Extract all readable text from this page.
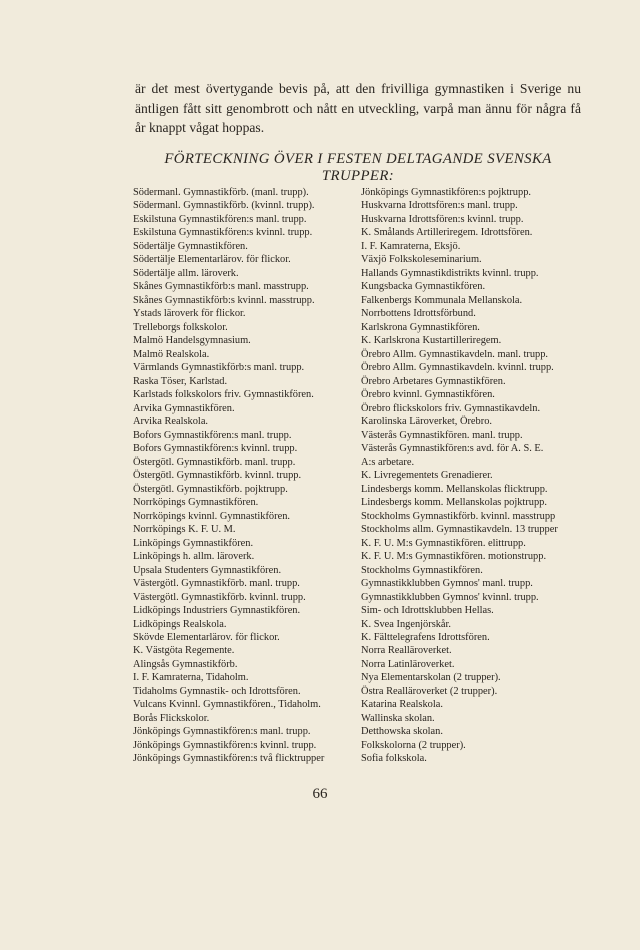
är det mest övertygande bevis på, att den frivilliga gymnastiken i Sverige nu äntligen fått sitt genombrott och nått en utveckling, varpå man ännu för några få år knappt vågat hoppas.

FÖRTECKNING ÖVER I FESTEN DELTAGANDE SVENSKA TRUPPER:
Södermanl. Gymnastikförb. (manl. trupp).
Södermanl. Gymnastikförb. (kvinnl. trupp).
Eskilstuna Gymnastikfören:s manl. trupp.
Eskilstuna Gymnastikfören:s kvinnl. trupp.
Södertälje Gymnastikfören.
Södertälje Elementarlärov. för flickor.
Södertälje allm. läroverk.
Skånes Gymnastikförb:s manl. masstrupp.
Skånes Gymnastikförb:s kvinnl. masstrupp.
Ystads läroverk för flickor.
Trelleborgs folkskolor.
Malmö Handelsgymnasium.
Malmö Realskola.
Värmlands Gymnastikförb:s manl. trupp.
Raska Töser, Karlstad.
Karlstads folkskolors friv. Gymnastikfören.
Arvika Gymnastikfören.
Arvika Realskola.
Bofors Gymnastikfören:s manl. trupp.
Bofors Gymnastikfören:s kvinnl. trupp.
Östergötl. Gymnastikförb. manl. trupp.
Östergötl. Gymnastikförb. kvinnl. trupp.
Östergötl. Gymnastikförb. pojktrupp.
Norrköpings Gymnastikfören.
Norrköpings kvinnl. Gymnastikfören.
Norrköpings K. F. U. M.
Linköpings Gymnastikfören.
Linköpings h. allm. läroverk.
Upsala Studenters Gymnastikfören.
Västergötl. Gymnastikförb. manl. trupp.
Västergötl. Gymnastikförb. kvinnl. trupp.
Lidköpings Industriers Gymnastikfören.
Lidköpings Realskola.
Skövde Elementarlärov. för flickor.
K. Västgöta Regemente.
Alingsås Gymnastikförb.
I. F. Kamraterna, Tidaholm.
Tidaholms Gymnastik- och Idrottsfören.
Vulcans Kvinnl. Gymnastikfören., Tidaholm.
Borås Flickskolor.
Jönköpings Gymnastikfören:s manl. trupp.
Jönköpings Gymnastikfören:s kvinnl. trupp.
Jönköpings Gymnastikfören:s två flicktrupper
Jönköpings Gymnastikfören:s pojktrupp.
Huskvarna Idrottsfören:s manl. trupp.
Huskvarna Idrottsfören:s kvinnl. trupp.
K. Smålands Artilleriregem. Idrottsfören.
I. F. Kamraterna, Eksjö.
Växjö Folkskoleseminarium.
Hallands Gymnastikdistrikts kvinnl. trupp.
Kungsbacka Gymnastikfören.
Falkenbergs Kommunala Mellanskola.
Norrbottens Idrottsförbund.
Karlskrona Gymnastikfören.
K. Karlskrona Kustartilleriregem.
Örebro Allm. Gymnastikavdeln. manl. trupp.
Örebro Allm. Gymnastikavdeln. kvinnl. trupp.
Örebro Arbetares Gymnastikfören.
Örebro kvinnl. Gymnastikfören.
Örebro flickskolors friv. Gymnastikavdeln.
Karolinska Läroverket, Örebro.
Västerås Gymnastikfören. manl. trupp.
Västerås Gymnastikfören:s avd. för A. S. E.
A:s arbetare.
K. Livregementets Grenadierer.
Lindesbergs komm. Mellanskolas flicktrupp.
Lindesbergs komm. Mellanskolas pojktrupp.
Stockholms Gymnastikförb. kvinnl. masstrupp
Stockholms allm. Gymnastikavdeln. 13 trupper
K. F. U. M:s Gymnastikfören. elittrupp.
K. F. U. M:s Gymnastikfören. motionstrupp.
Stockholms Gymnastikfören.
Gymnastikklubben Gymnos' manl. trupp.
Gymnastikklubben Gymnos' kvinnl. trupp.
Sim- och Idrottsklubben Hellas.
K. Svea Ingenjörskår.
K. Fälttelegrafens Idrottsfören.
Norra Realläroverket.
Norra Latinläroverket.
Nya Elementarskolan (2 trupper).
Östra Realläroverket (2 trupper).
Katarina Realskola.
Wallinska skolan.
Detthowska skolan.
Folkskolorna (2 trupper).
Sofia folkskola.
66
